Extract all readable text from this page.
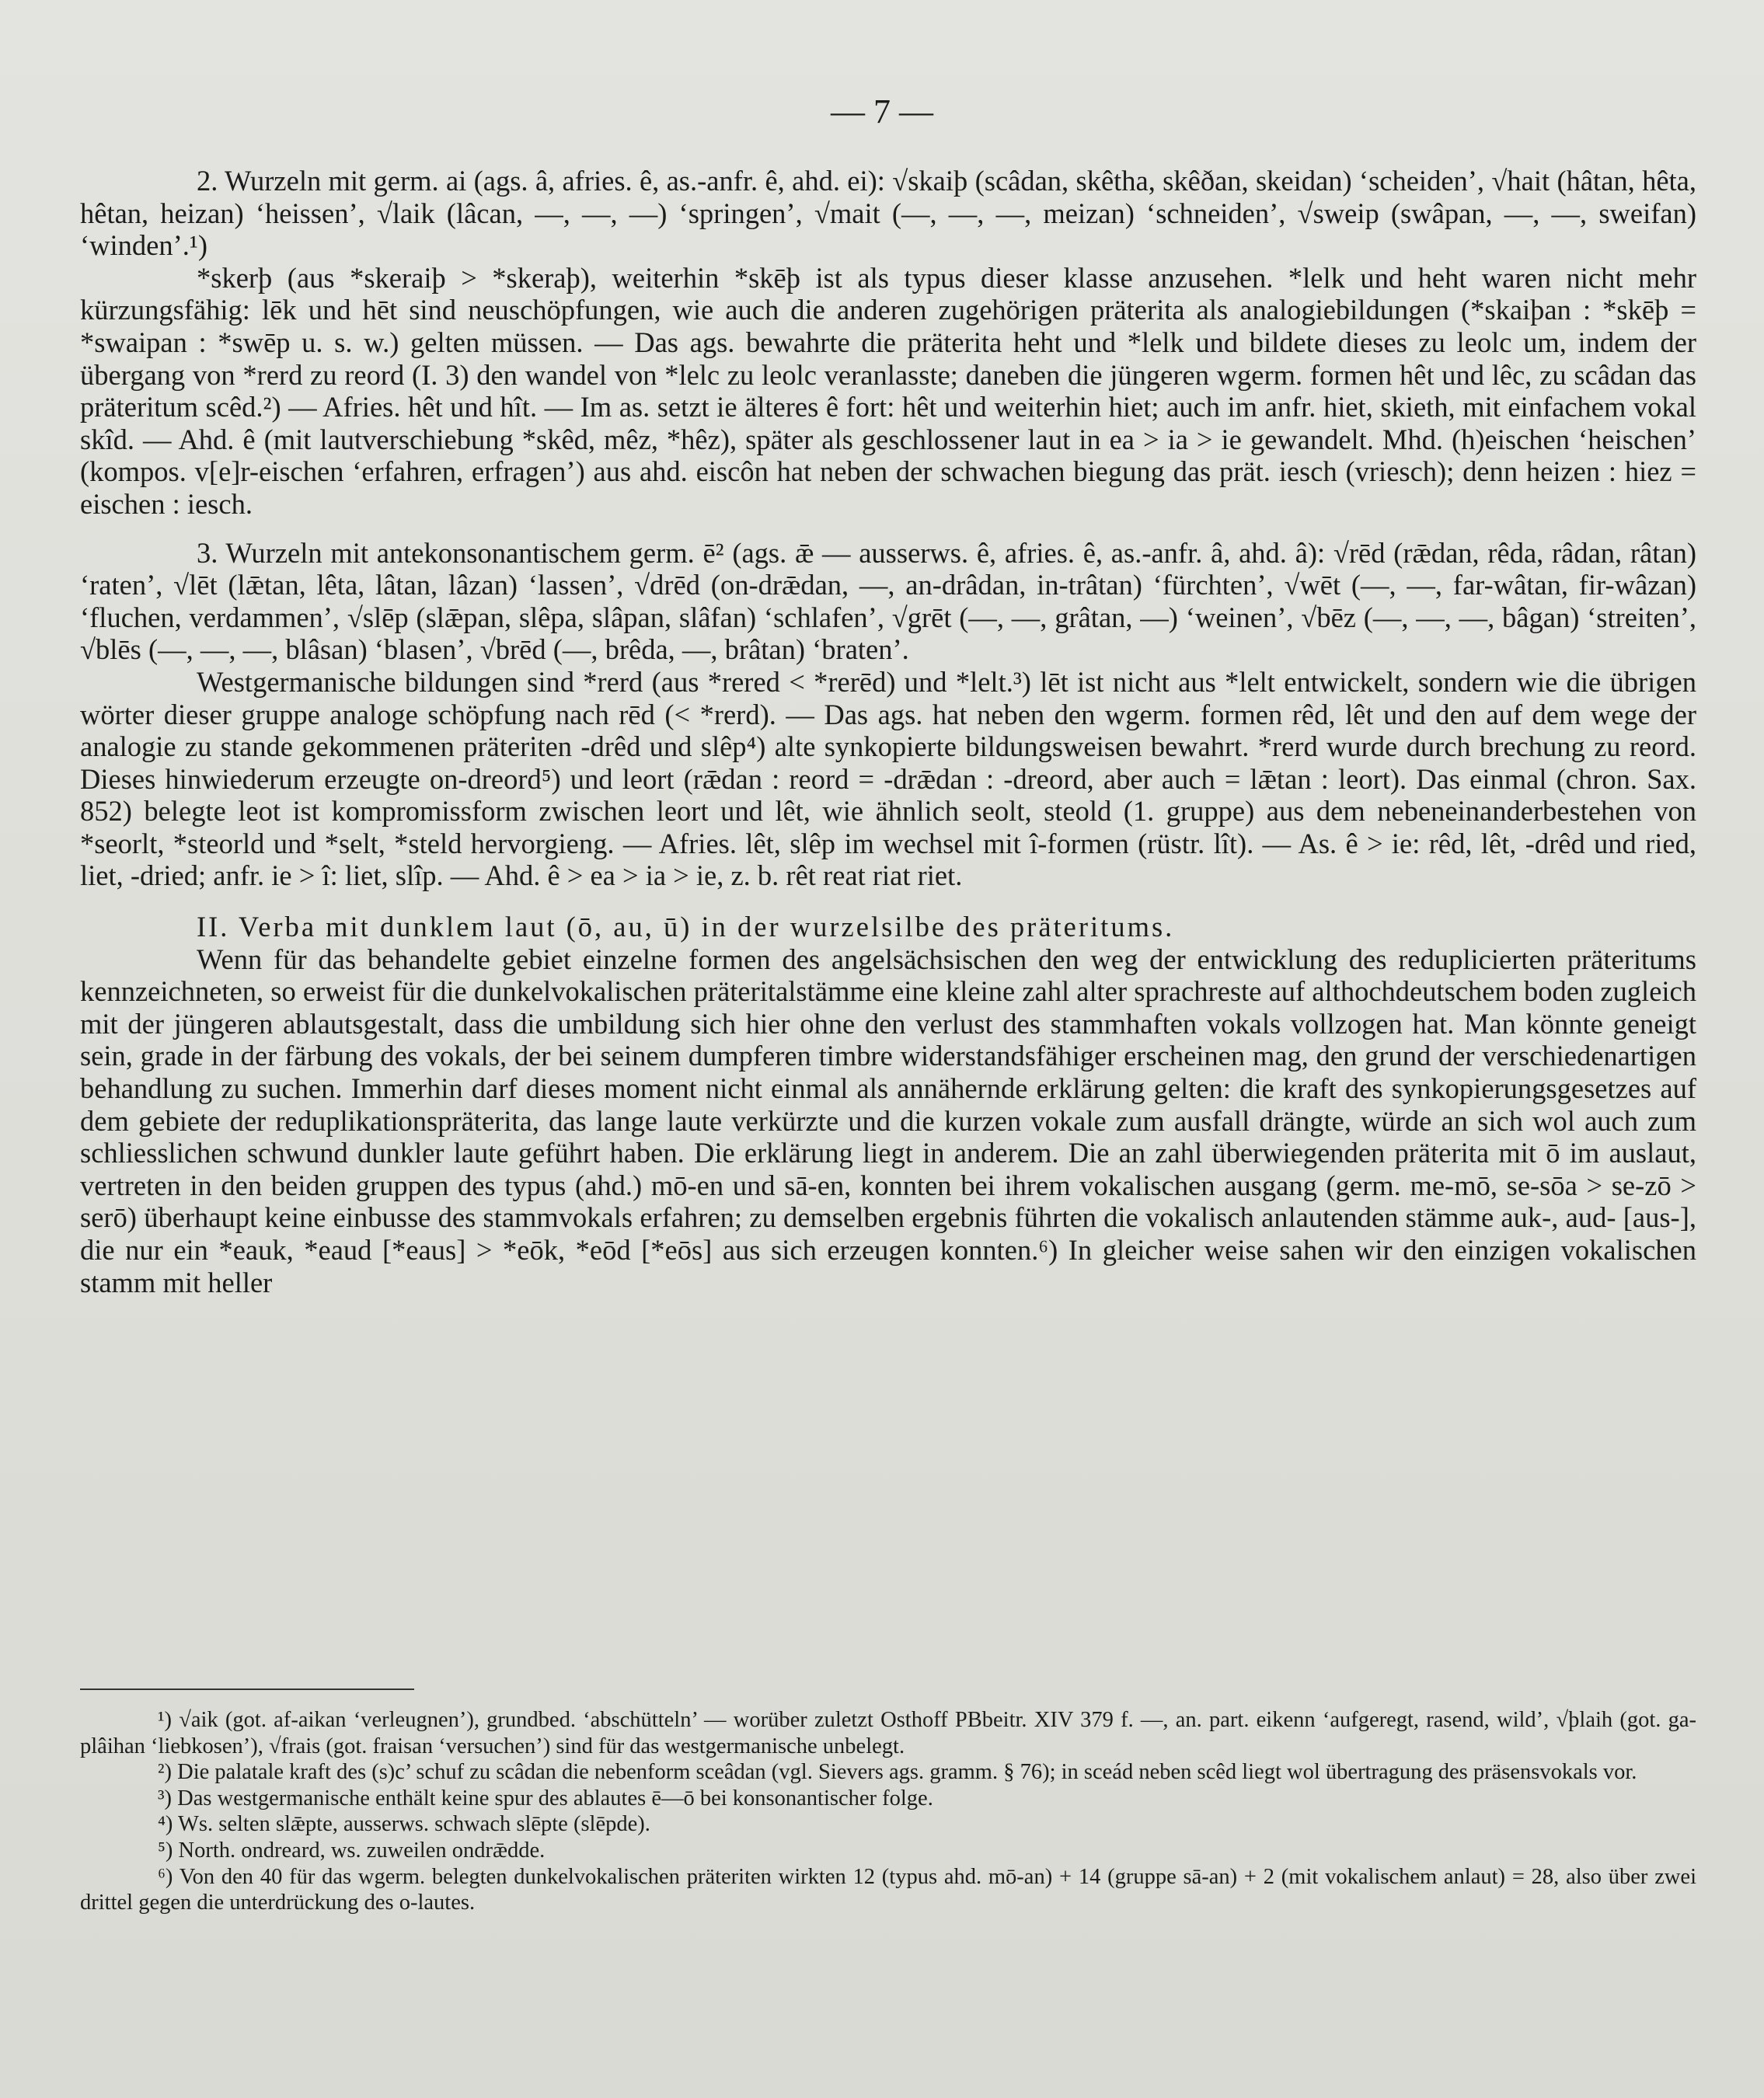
— 7 —

2. Wurzeln mit germ. ai (ags. â, afries. ê, as.-anfr. ê, ahd. ei): √skaiþ (scâdan, skêtha, skêðan, skeidan) ‘scheiden’, √hait (hâtan, hêta, hêtan, heizan) ‘heissen’, √laik (lâcan, —, —, —) ‘springen’, √mait (—, —, —, meizan) ‘schneiden’, √sweip (swâpan, —, —, sweifan) ‘winden’.¹)

*skerþ (aus *skeraiþ > *skeraþ), weiterhin *skēþ ist als typus dieser klasse anzusehen. *lelk und heht waren nicht mehr kürzungsfähig: lēk und hēt sind neuschöpfungen, wie auch die anderen zugehörigen präterita als analogiebildungen (*skaiþan : *skēþ = *swaipan : *swēp u. s. w.) gelten müssen. — Das ags. bewahrte die präterita heht und *lelk und bildete dieses zu leolc um, indem der übergang von *rerd zu reord (I. 3) den wandel von *lelc zu leolc veranlasste; daneben die jüngeren wgerm. formen hêt und lêc, zu scâdan das präteritum scêd.²) — Afries. hêt und hît. — Im as. setzt ie älteres ê fort: hêt und weiterhin hiet; auch im anfr. hiet, skieth, mit einfachem vokal skîd. — Ahd. ê (mit lautverschiebung *skêd, mêz, *hêz), später als geschlossener laut in ea > ia > ie gewandelt. Mhd. (h)eischen ‘heischen’ (kompos. v[e]r-eischen ‘erfahren, erfragen’) aus ahd. eiscôn hat neben der schwachen biegung das prät. iesch (vriesch); denn heizen : hiez = eischen : iesch.

3. Wurzeln mit antekonsonantischem germ. ē² (ags. ǣ — ausserws. ê, afries. ê, as.-anfr. â, ahd. â): √rēd (rǣdan, rêda, râdan, râtan) ‘raten’, √lēt (lǣtan, lêta, lâtan, lâzan) ‘lassen’, √drēd (on-drǣdan, —, an-drâdan, in-trâtan) ‘fürchten’, √wēt (—, —, far-wâtan, fir-wâzan) ‘fluchen, verdammen’, √slēp (slǣpan, slêpa, slâpan, slâfan) ‘schlafen’, √grēt (—, —, grâtan, —) ‘weinen’, √bēz (—, —, —, bâgan) ‘streiten’, √blēs (—, —, —, blâsan) ‘blasen’, √brēd (—, brêda, —, brâtan) ‘braten’.

Westgermanische bildungen sind *rerd (aus *rered < *rerēd) und *lelt.³) lēt ist nicht aus *lelt entwickelt, sondern wie die übrigen wörter dieser gruppe analoge schöpfung nach rēd (< *rerd). — Das ags. hat neben den wgerm. formen rêd, lêt und den auf dem wege der analogie zu stande gekommenen präteriten -drêd und slêp⁴) alte synkopierte bildungsweisen bewahrt. *rerd wurde durch brechung zu reord. Dieses hinwiederum erzeugte on-dreord⁵) und leort (rǣdan : reord = -drǣdan : -dreord, aber auch = lǣtan : leort). Das einmal (chron. Sax. 852) belegte leot ist kompromissform zwischen leort und lêt, wie ähnlich seolt, steold (1. gruppe) aus dem nebeneinanderbestehen von *seorlt, *steorld und *selt, *steld hervorgieng. — Afries. lêt, slêp im wechsel mit î-formen (rüstr. lît). — As. ê > ie: rêd, lêt, -drêd und ried, liet, -dried; anfr. ie > î: liet, slîp. — Ahd. ê > ea > ia > ie, z. b. rêt reat riat riet.

II. Verba mit dunklem laut (ō, au, ū) in der wurzelsilbe des präteritums.

Wenn für das behandelte gebiet einzelne formen des angelsächsischen den weg der entwicklung des reduplicierten präteritums kennzeichneten, so erweist für die dunkelvokalischen präteritalstämme eine kleine zahl alter sprachreste auf althochdeutschem boden zugleich mit der jüngeren ablautsgestalt, dass die umbildung sich hier ohne den verlust des stammhaften vokals vollzogen hat. Man könnte geneigt sein, grade in der färbung des vokals, der bei seinem dumpferen timbre widerstandsfähiger erscheinen mag, den grund der verschiedenartigen behandlung zu suchen. Immerhin darf dieses moment nicht einmal als annähernde erklärung gelten: die kraft des synkopierungsgesetzes auf dem gebiete der reduplikationspräterita, das lange laute verkürzte und die kurzen vokale zum ausfall drängte, würde an sich wol auch zum schliesslichen schwund dunkler laute geführt haben. Die erklärung liegt in anderem. Die an zahl überwiegenden präterita mit ō im auslaut, vertreten in den beiden gruppen des typus (ahd.) mō-en und sā-en, konnten bei ihrem vokalischen ausgang (germ. me-mō, se-sōa > se-zō > serō) überhaupt keine einbusse des stammvokals erfahren; zu demselben ergebnis führten die vokalisch anlautenden stämme auk-, aud- [aus-], die nur ein *eauk, *eaud [*eaus] > *eōk, *eōd [*eōs] aus sich erzeugen konnten.⁶) In gleicher weise sahen wir den einzigen vokalischen stamm mit heller

¹) √aik (got. af-aikan ‘verleugnen’), grundbed. ‘abschütteln’ — worüber zuletzt Osthoff PBbeitr. XIV 379 f. —, an. part. eikenn ‘aufgeregt, rasend, wild’, √þlaih (got. ga-plâihan ‘liebkosen’), √frais (got. fraisan ‘versuchen’) sind für das westgermanische unbelegt.

²) Die palatale kraft des (s)c’ schuf zu scâdan die nebenform sceâdan (vgl. Sievers ags. gramm. § 76); in sceád neben scêd liegt wol übertragung des präsensvokals vor.

³) Das westgermanische enthält keine spur des ablautes ē—ō bei konsonantischer folge.

⁴) Ws. selten slǣpte, ausserws. schwach slēpte (slēpde).

⁵) North. ondreard, ws. zuweilen ondrǣdde.

⁶) Von den 40 für das wgerm. belegten dunkelvokalischen präteriten wirkten 12 (typus ahd. mō-an) + 14 (gruppe sā-an) + 2 (mit vokalischem anlaut) = 28, also über zwei drittel gegen die unterdrückung des o-lautes.
